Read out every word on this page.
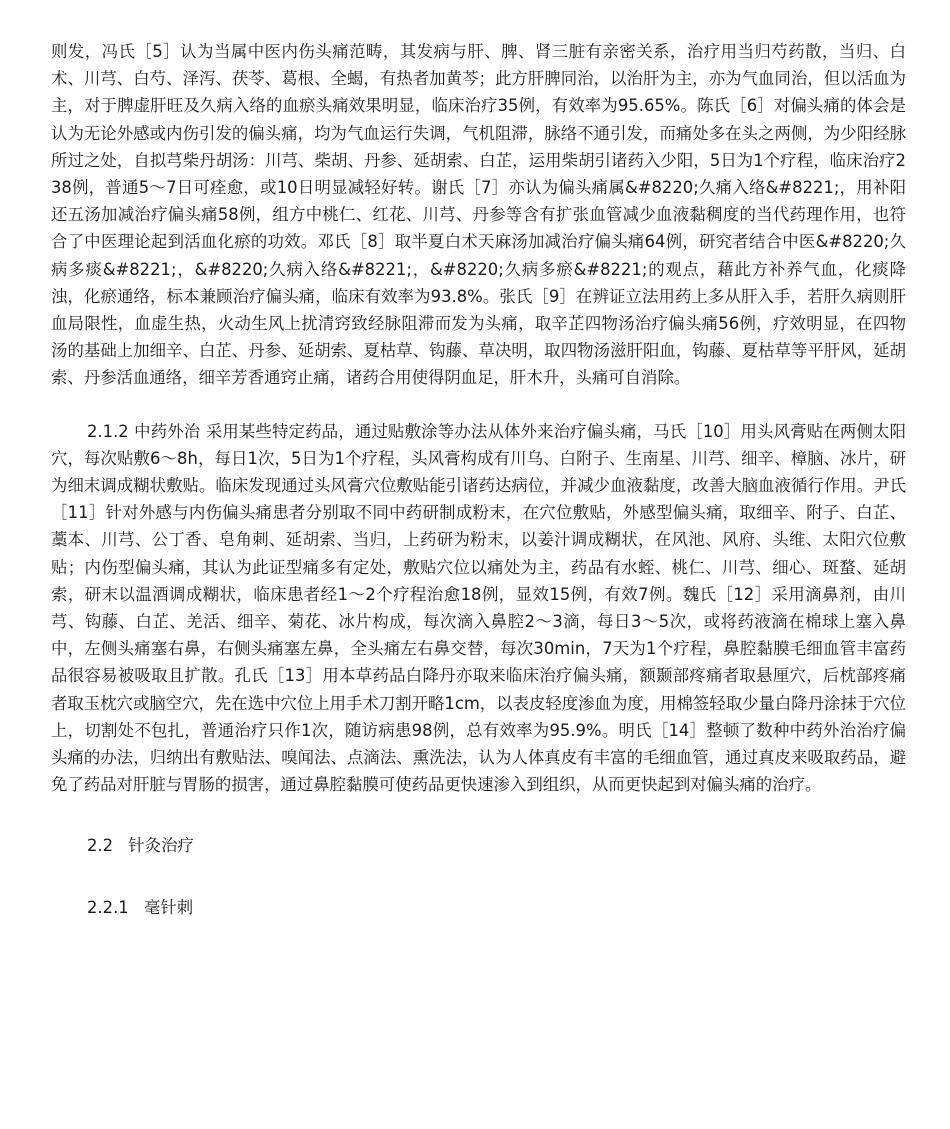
则发，冯氏［5］认为当属中医内伤头痛范畴，其发病与肝、脾、肾三脏有亲密关系，治疗用当归芍药散，当归、白术、川芎、白芍、泽泻、茯苓、葛根、全蝎，有热者加黄芩；此方肝脾同治，以治肝为主，亦为气血同治，但以活血为主，对于脾虚肝旺及久病入络的血瘀头痛效果明显，临床治疗35例，有效率为95.65%。陈氏［6］对偏头痛的体会是认为无论外感或内伤引发的偏头痛，均为气血运行失调，气机阻滞，脉络不通引发，而痛处多在头之两侧，为少阳经脉所过之处，自拟芎柴丹胡汤：川芎、柴胡、丹参、延胡索、白芷，运用柴胡引诸药入少阳，5日为1个疗程，临床治疗238例，普通5～7日可痊愈，或10日明显减轻好转。谢氏［7］亦认为偏头痛属&#8220;久痛入络&#8221;，用补阳还五汤加减治疗偏头痛58例，组方中桃仁、红花、川芎、丹参等含有扩张血管减少血液黏稠度的当代药理作用，也符合了中医理论起到活血化瘀的功效。邓氏［8］取半夏白术天麻汤加减治疗偏头痛64例，研究者结合中医&#8220;久病多痰&#8221;，&#8220;久病入络&#8221;，&#8220;久病多瘀&#8221;的观点，藉此方补养气血，化痰降浊，化瘀通络，标本兼顾治疗偏头痛，临床有效率为93.8%。张氏［9］在辨证立法用药上多从肝入手，若肝久病则肝血局限性，血虚生热，火动生风上扰清窍致经脉阻滞而发为头痛，取辛芷四物汤治疗偏头痛56例，疗效明显，在四物汤的基础上加细辛、白芷、丹参、延胡索、夏枯草、钩藤、草决明，取四物汤滋肝阳血，钩藤、夏枯草等平肝风，延胡索、丹参活血通络，细辛芳香通窍止痛，诸药合用使得阴血足，肝木升，头痛可自消除。

2.1.2 中药外治 采用某些特定药品，通过贴敷涂等办法从体外来治疗偏头痛，马氏［10］用头风膏贴在两侧太阳穴，每次贴敷6～8h，每日1次，5日为1个疗程，头风膏构成有川乌、白附子、生南星、川芎、细辛、樟脑、冰片，研为细末调成糊状敷贴。临床发现通过头风膏穴位敷贴能引诸药达病位，并减少血液黏度，改善大脑血液循行作用。尹氏［11］针对外感与内伤偏头痛患者分别取不同中药研制成粉末，在穴位敷贴，外感型偏头痛，取细辛、附子、白芷、藁本、川芎、公丁香、皂角刺、延胡索、当归，上药研为粉末，以姜汁调成糊状，在风池、风府、头维、太阳穴位敷贴；内伤型偏头痛，其认为此证型痛多有定处，敷贴穴位以痛处为主，药品有水蛭、桃仁、川芎、细心、斑蝥、延胡索，研末以温酒调成糊状，临床患者经1～2个疗程治愈18例，显效15例，有效7例。魏氏［12］采用滴鼻剂，由川芎、钩藤、白芷、羌活、细辛、菊花、冰片构成，每次滴入鼻腔2～3滴，每日3～5次，或将药液滴在棉球上塞入鼻中，左侧头痛塞右鼻，右侧头痛塞左鼻，全头痛左右鼻交替，每次30min，7天为1个疗程，鼻腔黏膜毛细血管丰富药品很容易被吸取且扩散。孔氏［13］用本草药品白降丹亦取来临床治疗偏头痛，额颞部疼痛者取悬厘穴，后枕部疼痛者取玉枕穴或脑空穴，先在选中穴位上用手术刀割开略1cm，以表皮轻度渗血为度，用棉签轻取少量白降丹涂抹于穴位上，切割处不包扎，普通治疗只作1次，随访病患98例，总有效率为95.9%。明氏［14］整顿了数种中药外治治疗偏头痛的办法，归纳出有敷贴法、嗅闻法、点滴法、熏洗法，认为人体真皮有丰富的毛细血管，通过真皮来吸取药品，避免了药品对肝脏与胃肠的损害，通过鼻腔黏膜可使药品更快速渗入到组织，从而更快起到对偏头痛的治疗。

2.2 针灸治疗

2.2.1 毫针刺
